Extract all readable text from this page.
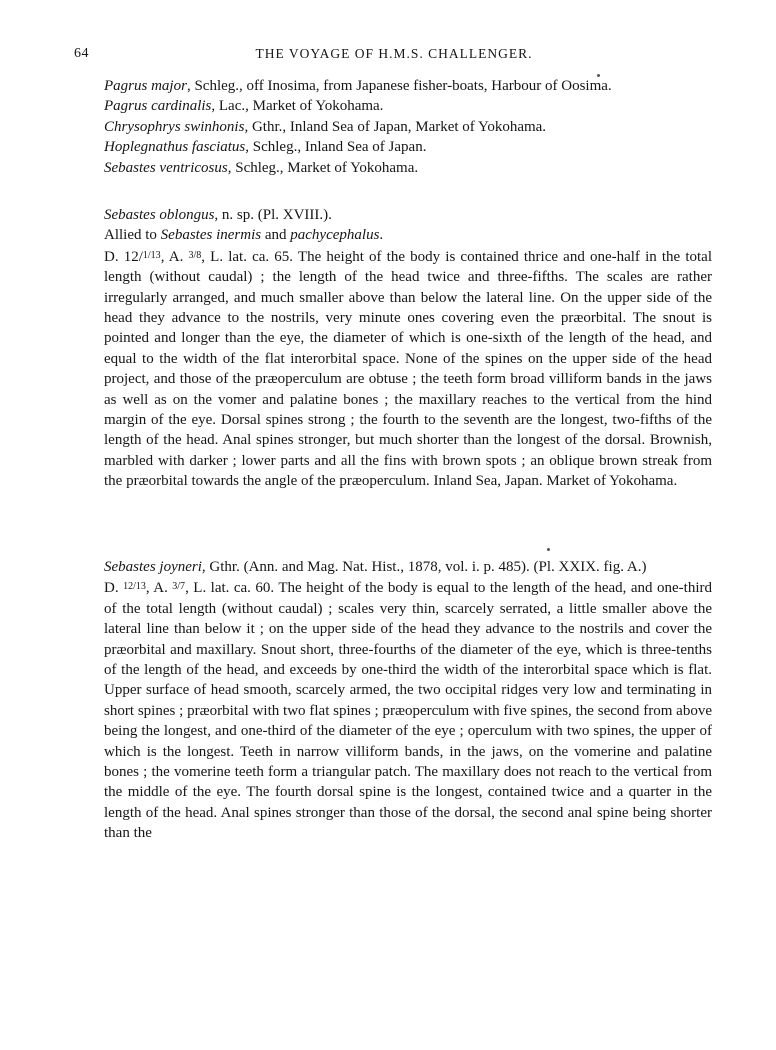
64	THE VOYAGE OF H.M.S. CHALLENGER.
Pagrus major, Schleg., off Inosima, from Japanese fisher-boats, Harbour of Oosima.
Pagrus cardinalis, Lac., Market of Yokohama.
Chrysophrys swinhonis, Gthr., Inland Sea of Japan, Market of Yokohama.
Hoplegnathus fasciatus, Schleg., Inland Sea of Japan.
Sebastes ventricosus, Schleg., Market of Yokohama.
Sebastes oblongus, n. sp. (Pl. XVIII.).
Allied to Sebastes inermis and pachycephalus.
D. 12/$^{1/13}$, A. $^{3/8}$, L. lat. ca. 65. The height of the body is contained thrice and one-half in the total length (without caudal) ; the length of the head twice and three-fifths. The scales are rather irregularly arranged, and much smaller above than below the lateral line. On the upper side of the head they advance to the nostrils, very minute ones covering even the præorbital. The snout is pointed and longer than the eye, the diameter of which is one-sixth of the length of the head, and equal to the width of the flat interorbital space. None of the spines on the upper side of the head project, and those of the præoperculum are obtuse ; the teeth form broad villiform bands in the jaws as well as on the vomer and palatine bones ; the maxillary reaches to the vertical from the hind margin of the eye. Dorsal spines strong ; the fourth to the seventh are the longest, two-fifths of the length of the head. Anal spines stronger, but much shorter than the longest of the dorsal. Brownish, marbled with darker ; lower parts and all the fins with brown spots ; an oblique brown streak from the præorbital towards the angle of the præoperculum. Inland Sea, Japan. Market of Yokohama.
Sebastes joyneri, Gthr. (Ann. and Mag. Nat. Hist., 1878, vol. i. p. 485). (Pl. XXIX. fig. A.)
D. $^{12/13}$, A. $^{3/7}$, L. lat. ca. 60. The height of the body is equal to the length of the head, and one-third of the total length (without caudal) ; scales very thin, scarcely serrated, a little smaller above the lateral line than below it ; on the upper side of the head they advance to the nostrils and cover the præorbital and maxillary. Snout short, three-fourths of the diameter of the eye, which is three-tenths of the length of the head, and exceeds by one-third the width of the interorbital space which is flat. Upper surface of head smooth, scarcely armed, the two occipital ridges very low and terminating in short spines ; præorbital with two flat spines ; præoperculum with five spines, the second from above being the longest, and one-third of the diameter of the eye ; operculum with two spines, the upper of which is the longest. Teeth in narrow villiform bands, in the jaws, on the vomerine and palatine bones ; the vomerine teeth form a triangular patch. The maxillary does not reach to the vertical from the middle of the eye. The fourth dorsal spine is the longest, contained twice and a quarter in the length of the head. Anal spines stronger than those of the dorsal, the second anal spine being shorter than the
